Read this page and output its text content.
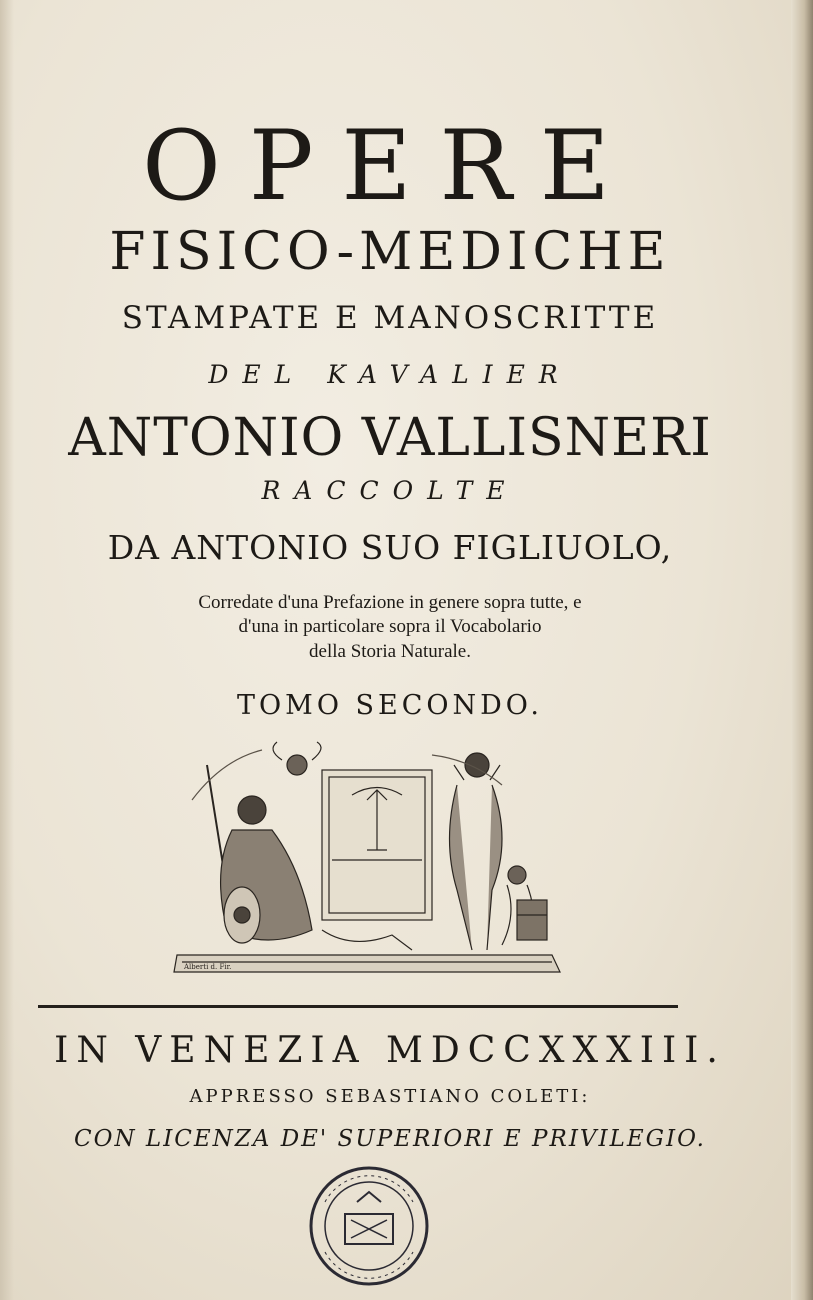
OPERE
FISICO-MEDICHE
STAMPATE E MANOSCRITTE
DEL KAVALIER
ANTONIO VALLISNERI
RACCOLTE
DA ANTONIO SUO FIGLIUOLO,
Corredate d'una Prefazione in genere sopra tutte, e
d'una in particolare sopra il Vocabolario
della Storia Naturale.
TOMO SECONDO.
Alberti d. Fir.
IN VENEZIA MDCCXXXIII.
APPRESSO SEBASTIANO COLETI:
CON LICENZA DE' SUPERIORI E PRIVILEGIO.
